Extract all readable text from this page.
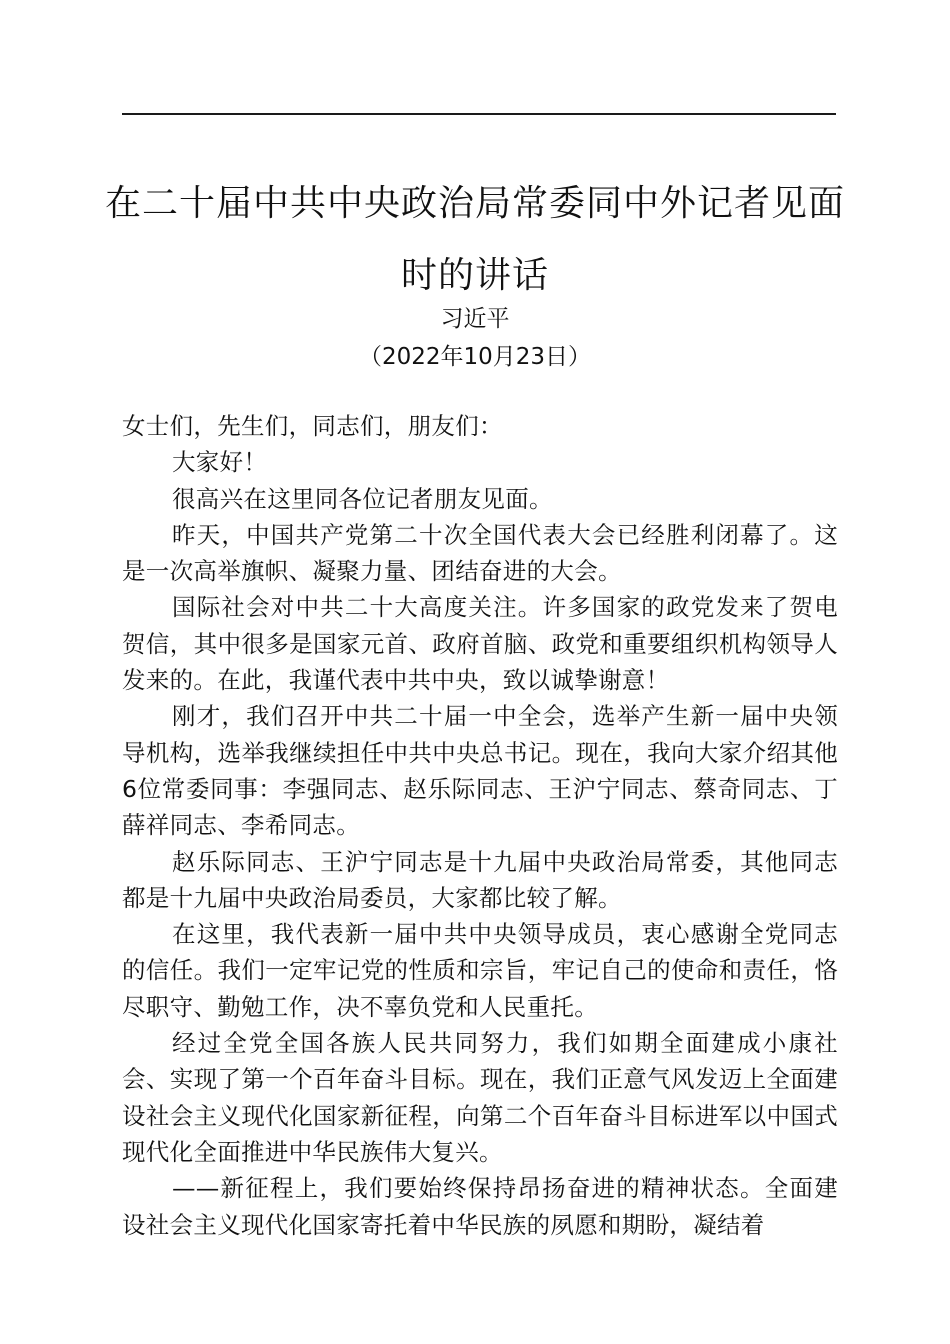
在二十届中共中央政治局常委同中外记者见面
时的讲话
习近平
（2022年10月23日）

女士们，先生们，同志们，朋友们：

大家好！

很高兴在这里同各位记者朋友见面。

昨天，中国共产党第二十次全国代表大会已经胜利闭幕了。这是一次高举旗帜、凝聚力量、团结奋进的大会。

国际社会对中共二十大高度关注。许多国家的政党发来了贺电贺信，其中很多是国家元首、政府首脑、政党和重要组织机构领导人发来的。在此，我谨代表中共中央，致以诚挚谢意！

刚才，我们召开中共二十届一中全会，选举产生新一届中央领导机构，选举我继续担任中共中央总书记。现在，我向大家介绍其他6位常委同事：李强同志、赵乐际同志、王沪宁同志、蔡奇同志、丁薛祥同志、李希同志。

赵乐际同志、王沪宁同志是十九届中央政治局常委，其他同志都是十九届中央政治局委员，大家都比较了解。

在这里，我代表新一届中共中央领导成员，衷心感谢全党同志的信任。我们一定牢记党的性质和宗旨，牢记自己的使命和责任，恪尽职守、勤勉工作，决不辜负党和人民重托。

经过全党全国各族人民共同努力，我们如期全面建成小康社会、实现了第一个百年奋斗目标。现在，我们正意气风发迈上全面建设社会主义现代化国家新征程，向第二个百年奋斗目标进军以中国式现代化全面推进中华民族伟大复兴。

——新征程上，我们要始终保持昂扬奋进的精神状态。全面建设社会主义现代化国家寄托着中华民族的夙愿和期盼，凝结着
